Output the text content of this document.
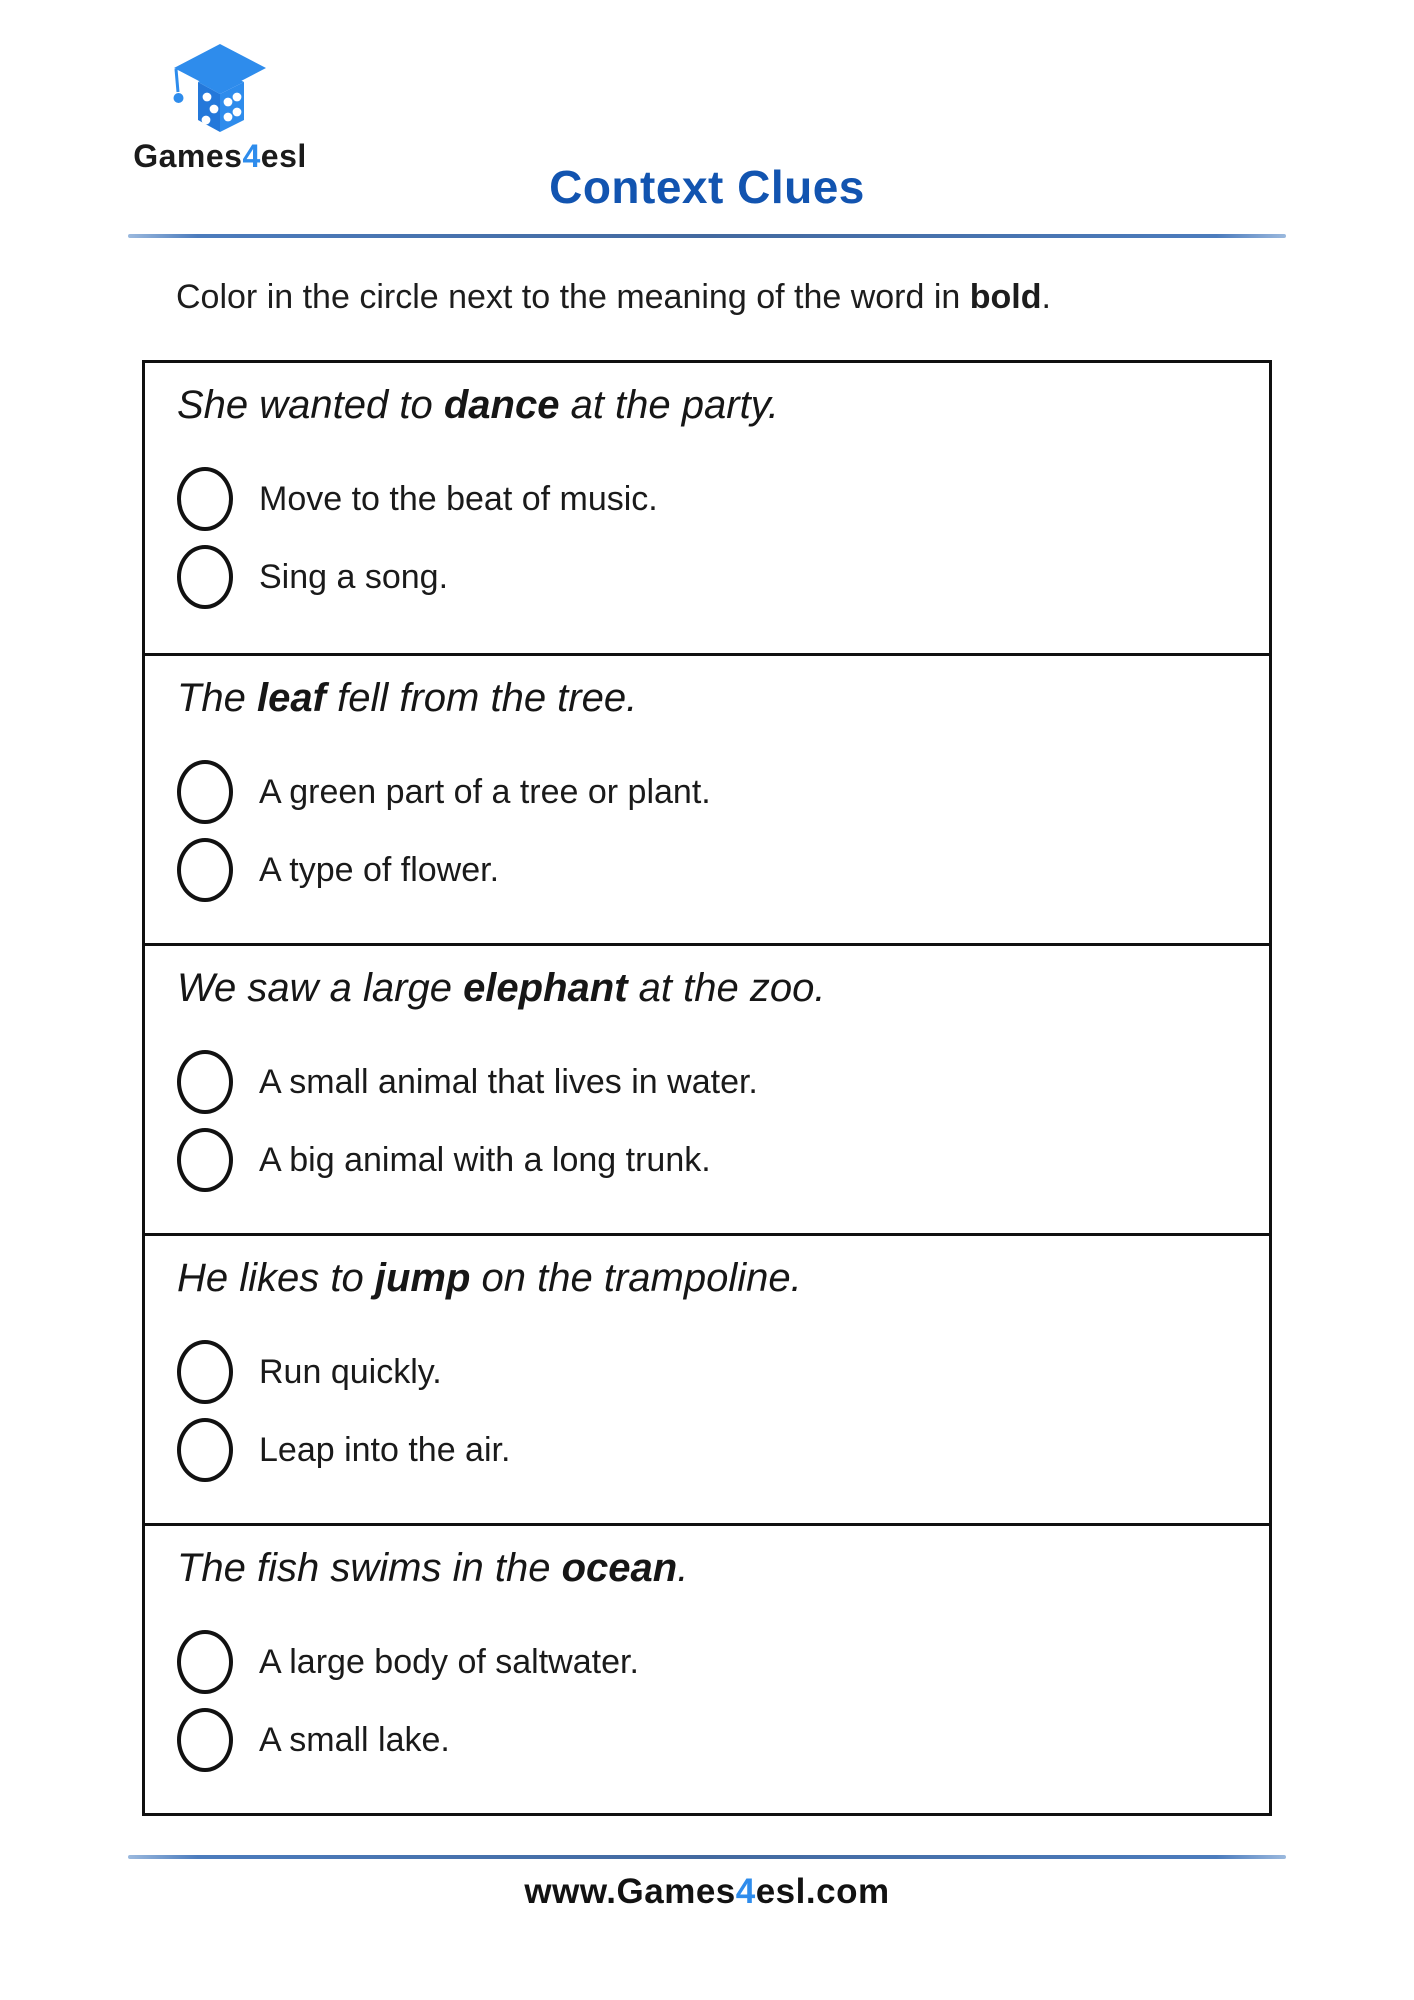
Games4esl
Context Clues
Color in the circle next to the meaning of the word in bold.
She wanted to dance at the party.
Move to the beat of music.
Sing a song.
The leaf fell from the tree.
A green part of a tree or plant.
A type of flower.
We saw a large elephant at the zoo.
A small animal that lives in water.
A big animal with a long trunk.
He likes to jump on the trampoline.
Run quickly.
Leap into the air.
The fish swims in the ocean.
A large body of saltwater.
A small lake.
www.Games4esl.com
